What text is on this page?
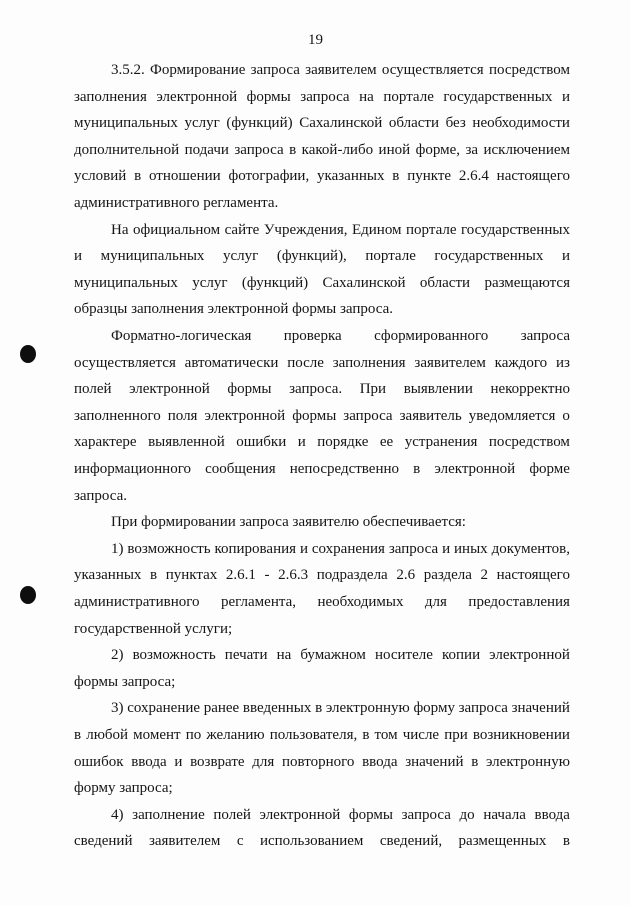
19
3.5.2. Формирование запроса заявителем осуществляется посредством
заполнения электронной формы запроса на портале государственных и
муниципальных услуг (функций) Сахалинской области без необходимости
дополнительной подачи запроса в какой-либо иной форме, за исключением
условий в отношении фотографии, указанных в пункте 2.6.4 настоящего
административного регламента.
На официальном сайте Учреждения, Едином портале государственных
и муниципальных услуг (функций), портале государственных и
муниципальных услуг (функций) Сахалинской области размещаются
образцы заполнения электронной формы запроса.
Форматно-логическая проверка сформированного запроса
осуществляется автоматически после заполнения заявителем каждого из
полей электронной формы запроса. При выявлении некорректно
заполненного поля электронной формы запроса заявитель уведомляется о
характере выявленной ошибки и порядке ее устранения посредством
информационного сообщения непосредственно в электронной форме
запроса.
При формировании запроса заявителю обеспечивается:
1) возможность копирования и сохранения запроса и иных документов,
указанных в пунктах 2.6.1 - 2.6.3 подраздела 2.6 раздела 2 настоящего
административного регламента, необходимых для предоставления
государственной услуги;
2) возможность печати на бумажном носителе копии электронной
формы запроса;
3) сохранение ранее введенных в электронную форму запроса значений
в любой момент по желанию пользователя, в том числе при возникновении
ошибок ввода и возврате для повторного ввода значений в электронную
форму запроса;
4) заполнение полей электронной формы запроса до начала ввода
сведений заявителем с использованием сведений, размещенных в
